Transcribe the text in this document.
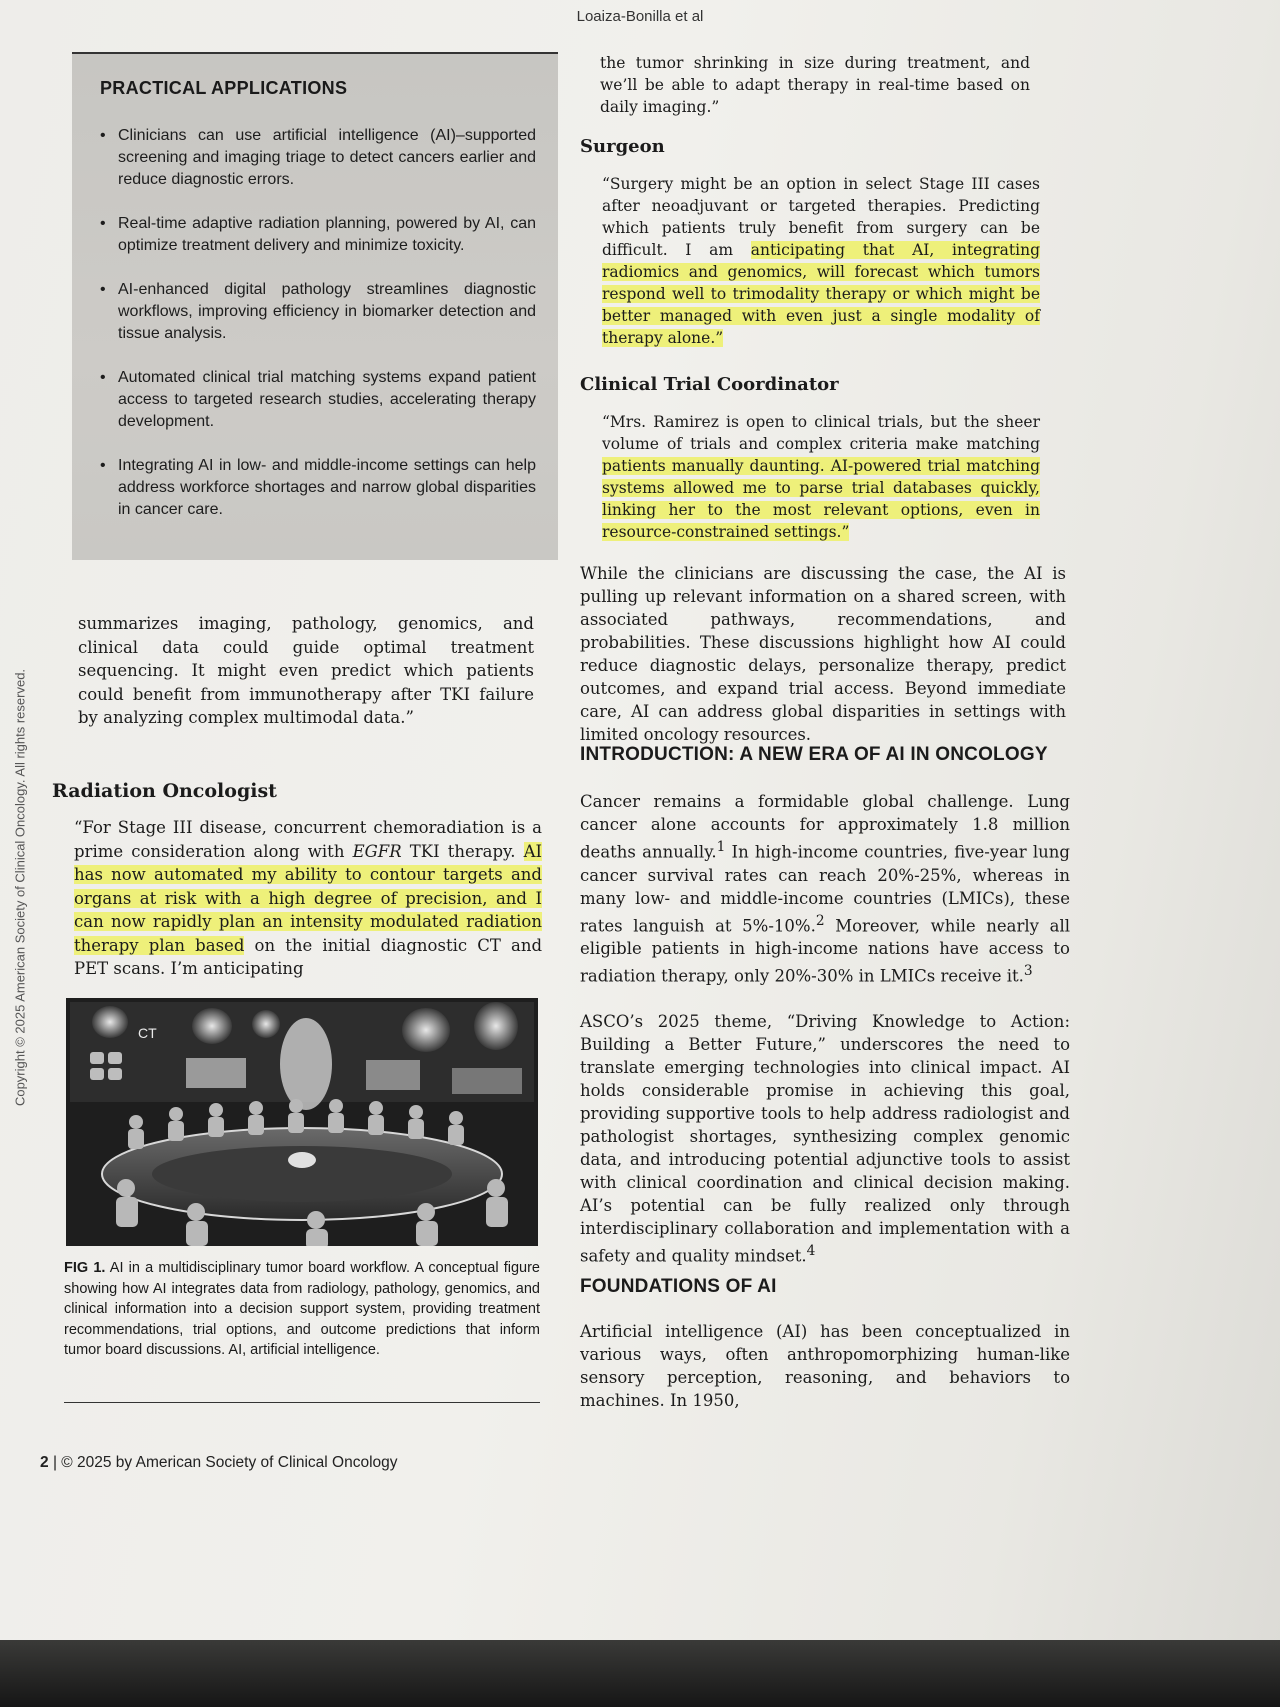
Loaiza-Bonilla et al
Copyright © 2025 American Society of Clinical Oncology. All rights reserved.
PRACTICAL APPLICATIONS
• Clinicians can use artificial intelligence (AI)–supported screening and imaging triage to detect cancers earlier and reduce diagnostic errors.
• Real-time adaptive radiation planning, powered by AI, can optimize treatment delivery and minimize toxicity.
• AI-enhanced digital pathology streamlines diagnostic workflows, improving efficiency in biomarker detection and tissue analysis.
• Automated clinical trial matching systems expand patient access to targeted research studies, accelerating therapy development.
• Integrating AI in low- and middle-income settings can help address workforce shortages and narrow global disparities in cancer care.

summarizes imaging, pathology, genomics, and clinical data could guide optimal treatment sequencing. It might even predict which patients could benefit from immunotherapy after TKI failure by analyzing complex multimodal data.”

Radiation Oncologist

“For Stage III disease, concurrent chemoradiation is a prime consideration along with EGFR TKI therapy. AI has now automated my ability to contour targets and organs at risk with a high degree of precision, and I can now rapidly plan an intensity modulated radiation therapy plan based on the initial diagnostic CT and PET scans. I’m anticipating

CT
FIG 1. AI in a multidisciplinary tumor board workflow. A conceptual figure showing how AI integrates data from radiology, pathology, genomics, and clinical information into a decision support system, providing treatment recommendations, trial options, and outcome predictions that inform tumor board discussions. AI, artificial intelligence.
2 | © 2025 by American Society of Clinical Oncology

the tumor shrinking in size during treatment, and we’ll be able to adapt therapy in real-time based on daily imaging.”

Surgeon

“Surgery might be an option in select Stage III cases after neoadjuvant or targeted therapies. Predicting which patients truly benefit from surgery can be difficult. I am anticipating that AI, integrating radiomics and genomics, will forecast which tumors respond well to trimodality therapy or which might be better managed with even just a single modality of therapy alone.”

Clinical Trial Coordinator

“Mrs. Ramirez is open to clinical trials, but the sheer volume of trials and complex criteria make matching patients manually daunting. AI-powered trial matching systems allowed me to parse trial databases quickly, linking her to the most relevant options, even in resource-constrained settings.”

While the clinicians are discussing the case, the AI is pulling up relevant information on a shared screen, with associated pathways, recommendations, and probabilities. These discussions highlight how AI could reduce diagnostic delays, personalize therapy, predict outcomes, and expand trial access. Beyond immediate care, AI can address global disparities in settings with limited oncology resources.

INTRODUCTION: A NEW ERA OF AI IN ONCOLOGY

Cancer remains a formidable global challenge. Lung cancer alone accounts for approximately 1.8 million deaths annually.$^1$ In high-income countries, five-year lung cancer survival rates can reach 20%-25%, whereas in many low- and middle-income countries (LMICs), these rates languish at 5%-10%.$^2$ Moreover, while nearly all eligible patients in high-income nations have access to radiation therapy, only 20%-30% in LMICs receive it.$^3$

ASCO’s 2025 theme, “Driving Knowledge to Action: Building a Better Future,” underscores the need to translate emerging technologies into clinical impact. AI holds considerable promise in achieving this goal, providing supportive tools to help address radiologist and pathologist shortages, synthesizing complex genomic data, and introducing potential adjunctive tools to assist with clinical coordination and clinical decision making. AI’s potential can be fully realized only through interdisciplinary collaboration and implementation with a safety and quality mindset.$^4$

FOUNDATIONS OF AI

Artificial intelligence (AI) has been conceptualized in various ways, often anthropomorphizing human-like sensory perception, reasoning, and behaviors to machines. In 1950,
